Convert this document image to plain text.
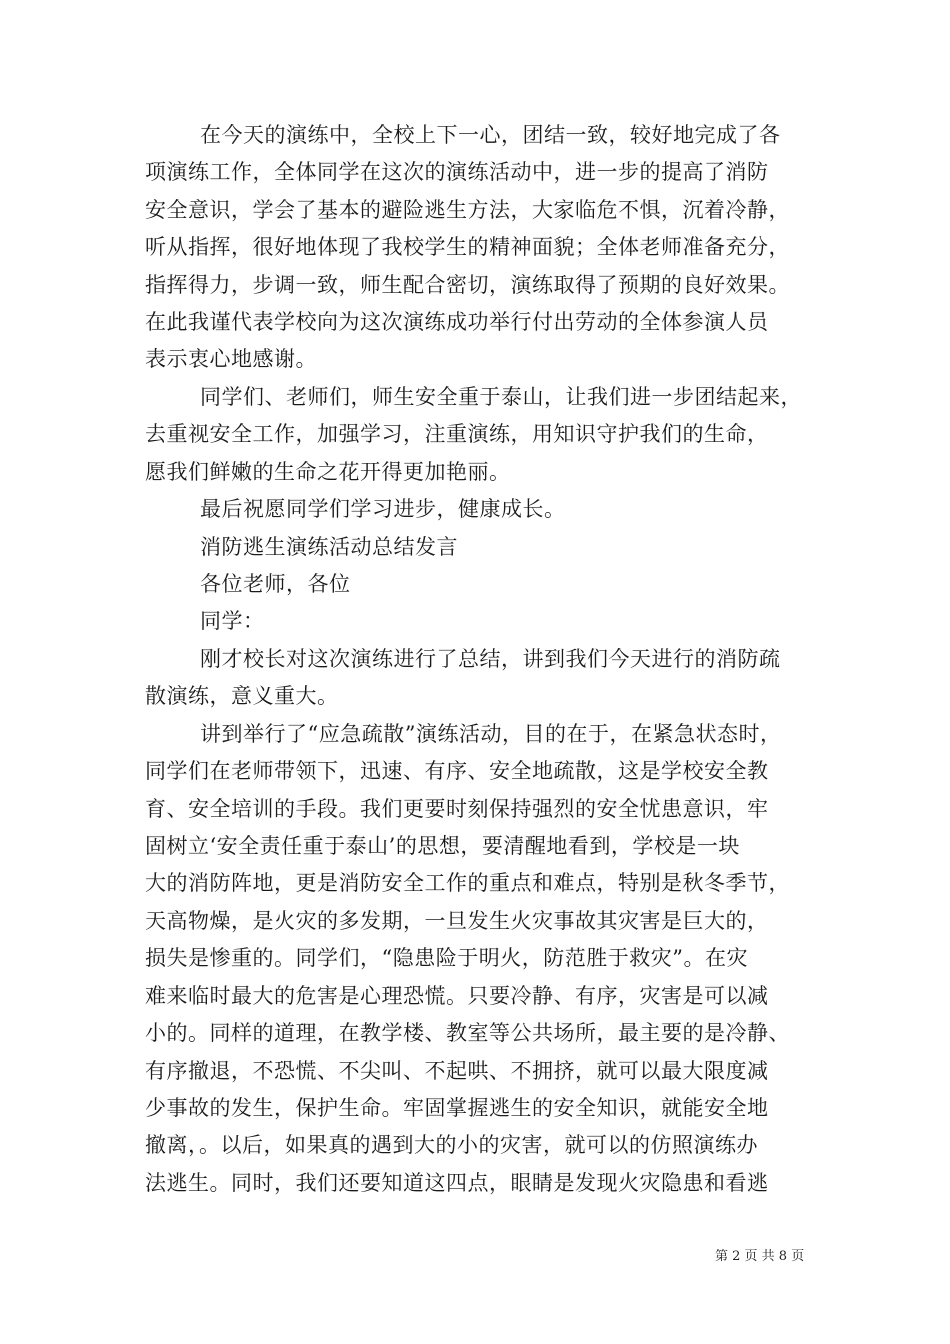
在今天的演练中，全校上下一心，团结一致，较好地完成了各
项演练工作，全体同学在这次的演练活动中，进一步的提高了消防
安全意识，学会了基本的避险逃生方法，大家临危不惧，沉着冷静，
听从指挥，很好地体现了我校学生的精神面貌；全体老师准备充分，
指挥得力，步调一致，师生配合密切，演练取得了预期的良好效果。
在此我谨代表学校向为这次演练成功举行付出劳动的全体参演人员
表示衷心地感谢。
同学们、老师们，师生安全重于泰山，让我们进一步团结起来，
去重视安全工作，加强学习，注重演练，用知识守护我们的生命，
愿我们鲜嫩的生命之花开得更加艳丽。
最后祝愿同学们学习进步，健康成长。
消防逃生演练活动总结发言
各位老师，各位
同学：
刚才校长对这次演练进行了总结，讲到我们今天进行的消防疏
散演练，意义重大。
讲到举行了“应急疏散”演练活动，目的在于，在紧急状态时，
同学们在老师带领下，迅速、有序、安全地疏散，这是学校安全教
育、安全培训的手段。我们更要时刻保持强烈的安全忧患意识，牢
固树立‘安全责任重于泰山’的思想，要清醒地看到，学校是一块
大的消防阵地，更是消防安全工作的重点和难点，特别是秋冬季节，
天高物燥，是火灾的多发期，一旦发生火灾事故其灾害是巨大的，
损失是惨重的。同学们，“隐患险于明火，防范胜于救灾”。在灾
难来临时最大的危害是心理恐慌。只要冷静、有序，灾害是可以减
小的。同样的道理，在教学楼、教室等公共场所，最主要的是冷静、
有序撤退，不恐慌、不尖叫、不起哄、不拥挤，就可以最大限度减
少事故的发生，保护生命。牢固掌握逃生的安全知识，就能安全地
撤离，。以后，如果真的遇到大的小的灾害，就可以的仿照演练办
法逃生。同时，我们还要知道这四点，眼睛是发现火灾隐患和看逃
第 2 页 共 8 页
